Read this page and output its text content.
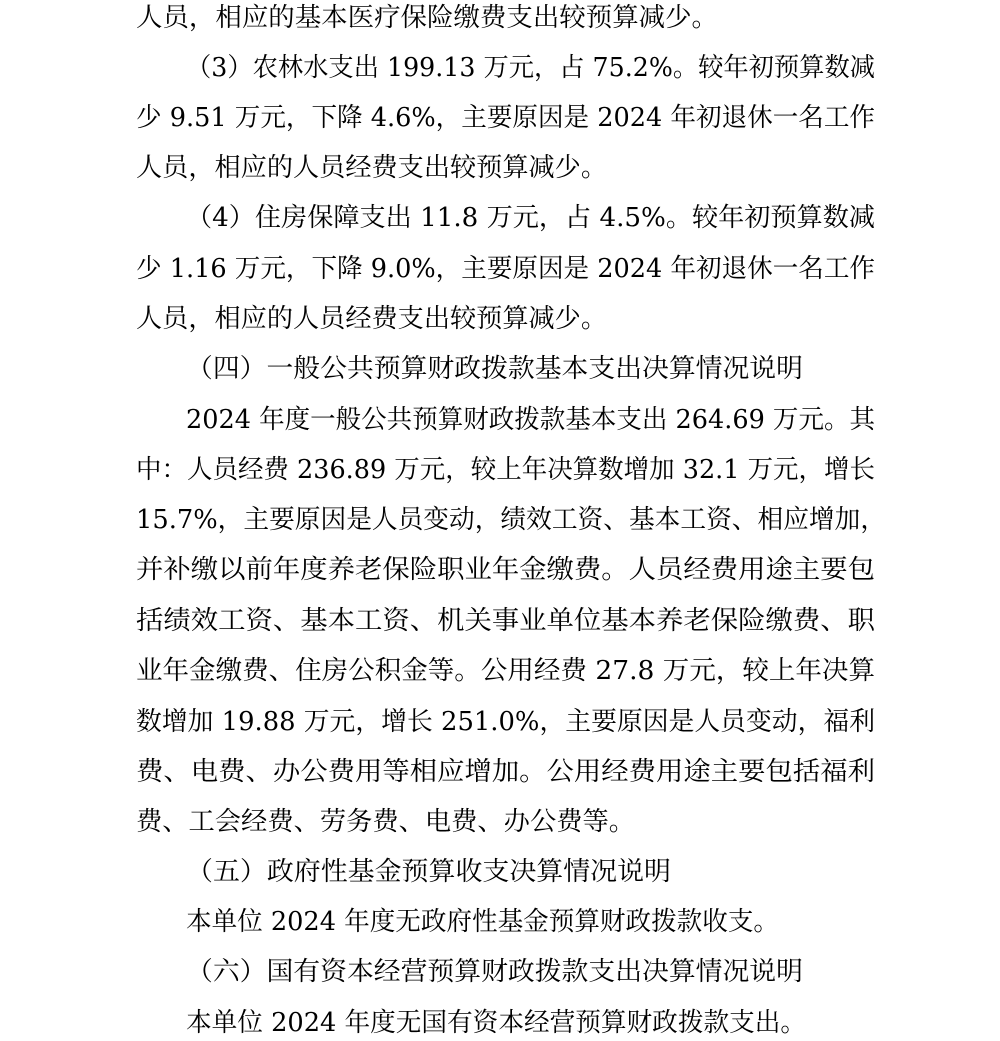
人员，相应的基本医疗保险缴费支出较预算减少。
（3）农林水支出 199.13 万元，占 75.2%。较年初预算数减
少 9.51 万元，下降 4.6%，主要原因是 2024 年初退休一名工作
人员，相应的人员经费支出较预算减少。
（4）住房保障支出 11.8 万元，占 4.5%。较年初预算数减
少 1.16 万元，下降 9.0%，主要原因是 2024 年初退休一名工作
人员，相应的人员经费支出较预算减少。
（四）一般公共预算财政拨款基本支出决算情况说明
2024 年度一般公共预算财政拨款基本支出 264.69 万元。其
中：人员经费 236.89 万元，较上年决算数增加 32.1 万元，增长
15.7%，主要原因是人员变动，绩效工资、基本工资、相应增加，
并补缴以前年度养老保险职业年金缴费。人员经费用途主要包
括绩效工资、基本工资、机关事业单位基本养老保险缴费、职
业年金缴费、住房公积金等。公用经费 27.8 万元，较上年决算
数增加 19.88 万元，增长 251.0%，主要原因是人员变动，福利
费、电费、办公费用等相应增加。公用经费用途主要包括福利
费、工会经费、劳务费、电费、办公费等。
（五）政府性基金预算收支决算情况说明
本单位 2024 年度无政府性基金预算财政拨款收支。
（六）国有资本经营预算财政拨款支出决算情况说明
本单位 2024 年度无国有资本经营预算财政拨款支出。
